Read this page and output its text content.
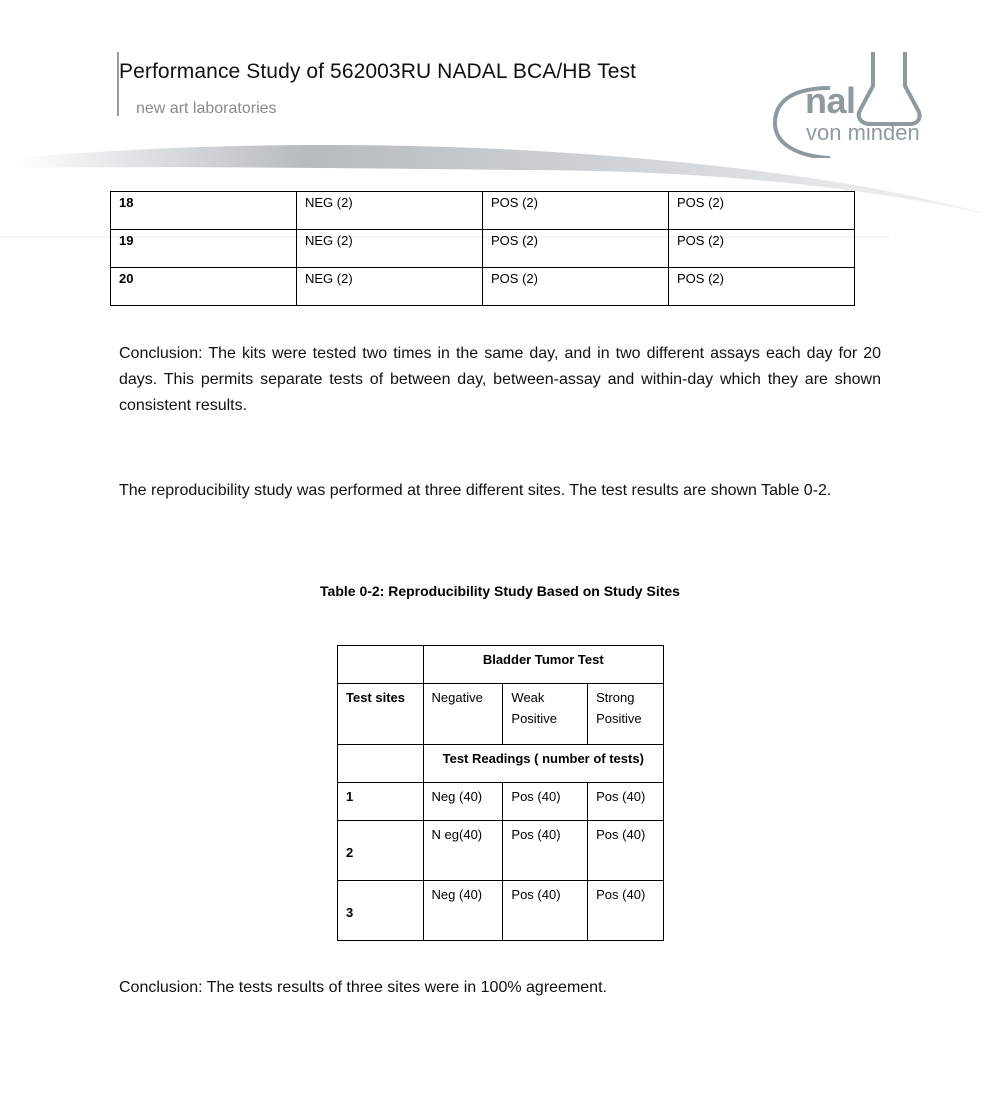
Performance Study of 562003RU NADAL BCA/HB Test
new art laboratories	nal
von minden
18	NEG (2)	POS (2)	POS (2)
19	NEG (2)	POS (2)	POS (2)
20	NEG (2)	POS (2)	POS (2)
Conclusion: The kits were tested two times in the same day, and in two different assays each day for 20 days. This permits separate tests of between day, between-assay and within-day which they are shown consistent results.
The reproducibility study was performed at three different sites. The test results are shown Table 0-2.
Table 0-2: Reproducibility Study Based on Study Sites
	Bladder Tumor Test		
Test sites	Negative	Weak Positive	Strong Positive
	Test Readings ( number of tests)		
1	Neg (40)	Pos (40)	Pos (40)
2	N eg(40)	Pos (40)	Pos (40)
3	Neg (40)	Pos (40)	Pos (40)
Conclusion: The tests results of three sites were in 100% agreement.
